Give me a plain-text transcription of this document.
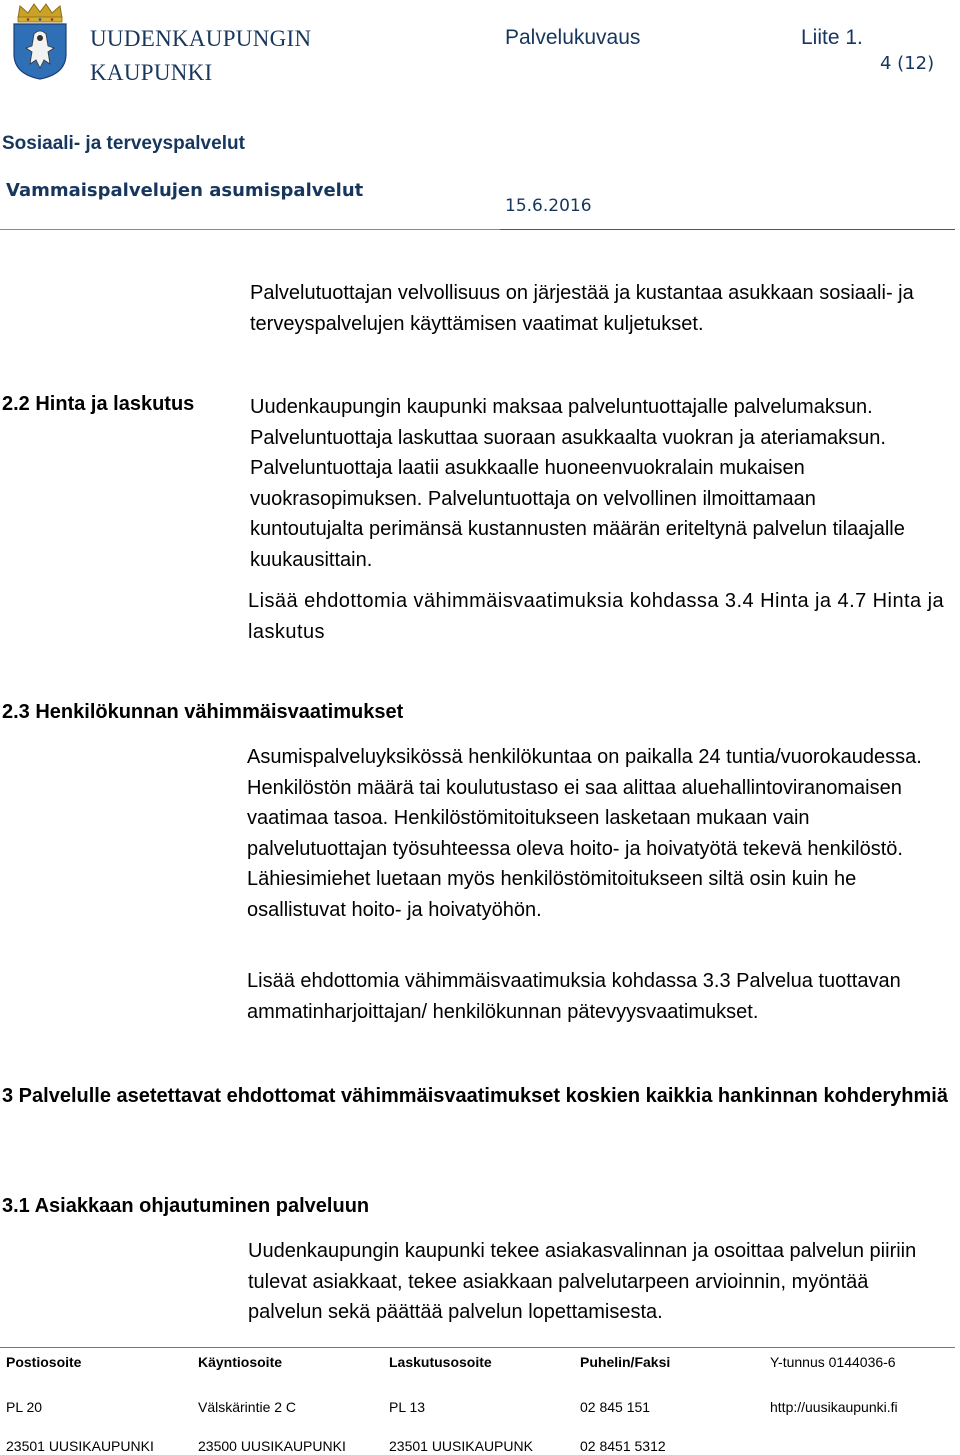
UUDENKAUPUNGIN
KAUPUNKI
Palvelukuvaus	Liite 1.
4 (12)
Sosiaali- ja terveyspalvelut
Vammaispalvelujen asumispalvelut
15.6.2016
Palvelutuottajan velvollisuus on järjestää ja kustantaa asukkaan sosiaali- ja terveyspalvelujen käyttämisen vaatimat kuljetukset.
2.2 Hinta ja laskutus	Uudenkaupungin kaupunki maksaa palveluntuottajalle palvelumaksun. Palveluntuottaja laskuttaa suoraan asukkaalta vuokran ja ateriamaksun. Palveluntuottaja laatii asukkaalle huoneenvuokralain mukaisen vuokrasopimuksen. Palveluntuottaja on velvollinen ilmoittamaan kuntoutujalta perimänsä kustannusten määrän eriteltynä palvelun tilaajalle kuukausittain.
Lisää ehdottomia vähimmäisvaatimuksia kohdassa 3.4 Hinta ja 4.7 Hinta ja laskutus
2.3 Henkilökunnan vähimmäisvaatimukset
Asumispalveluyksikössä henkilökuntaa on paikalla 24 tuntia/vuorokaudessa. Henkilöstön määrä tai koulutustaso ei saa alittaa aluehallintoviranomaisen vaatimaa tasoa. Henkilöstömitoitukseen lasketaan mukaan vain palvelutuottajan työsuhteessa oleva hoito- ja hoivatyötä tekevä henkilöstö. Lähiesimiehet luetaan myös henkilöstömitoitukseen siltä osin kuin he osallistuvat hoito- ja hoivatyöhön.
Lisää ehdottomia vähimmäisvaatimuksia kohdassa 3.3 Palvelua tuottavan ammatinharjoittajan/ henkilökunnan pätevyysvaatimukset.
3 Palvelulle asetettavat ehdottomat vähimmäisvaatimukset koskien kaikkia hankinnan kohderyhmiä
3.1 Asiakkaan ohjautuminen palveluun
Uudenkaupungin kaupunki tekee asiakasvalinnan ja osoittaa palvelun piiriin tulevat asiakkaat, tekee asiakkaan palvelutarpeen arvioinnin, myöntää palvelun sekä päättää palvelun lopettamisesta.
Postiosoite	Käyntiosoite	Laskutusosoite	Puhelin/Faksi	Y-tunnus 0144036-6
PL 20	Välskärintie 2 C	PL 13	02 845 151	http://uusikaupunki.fi
23501 UUSIKAUPUNKI	23500 UUSIKAUPUNKI	23501 UUSIKAUPUNK	02 8451 5312
